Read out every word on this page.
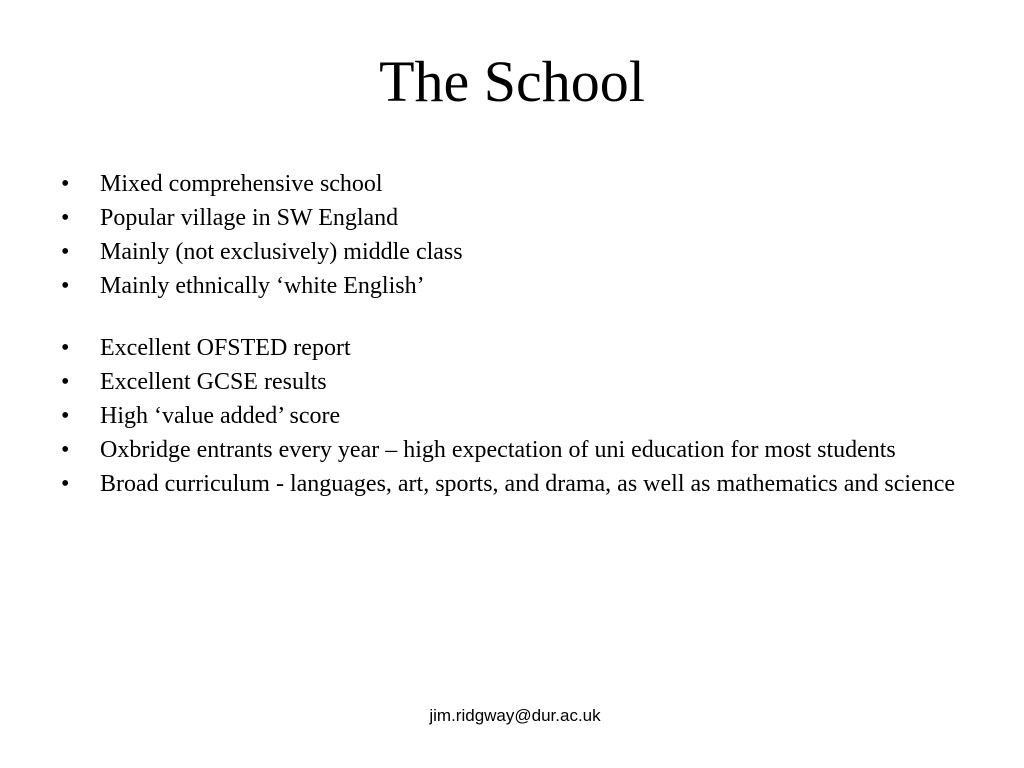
The School
•	Mixed comprehensive school
•	Popular village in SW England
•	Mainly (not exclusively) middle class
•	Mainly ethnically ‘white English’
•	Excellent OFSTED report
•	Excellent GCSE results
•	High ‘value added’ score
•	Oxbridge entrants every year – high expectation of uni education for most students
•	Broad curriculum - languages, art, sports, and drama, as well as mathematics and science
jim.ridgway@dur.ac.uk
